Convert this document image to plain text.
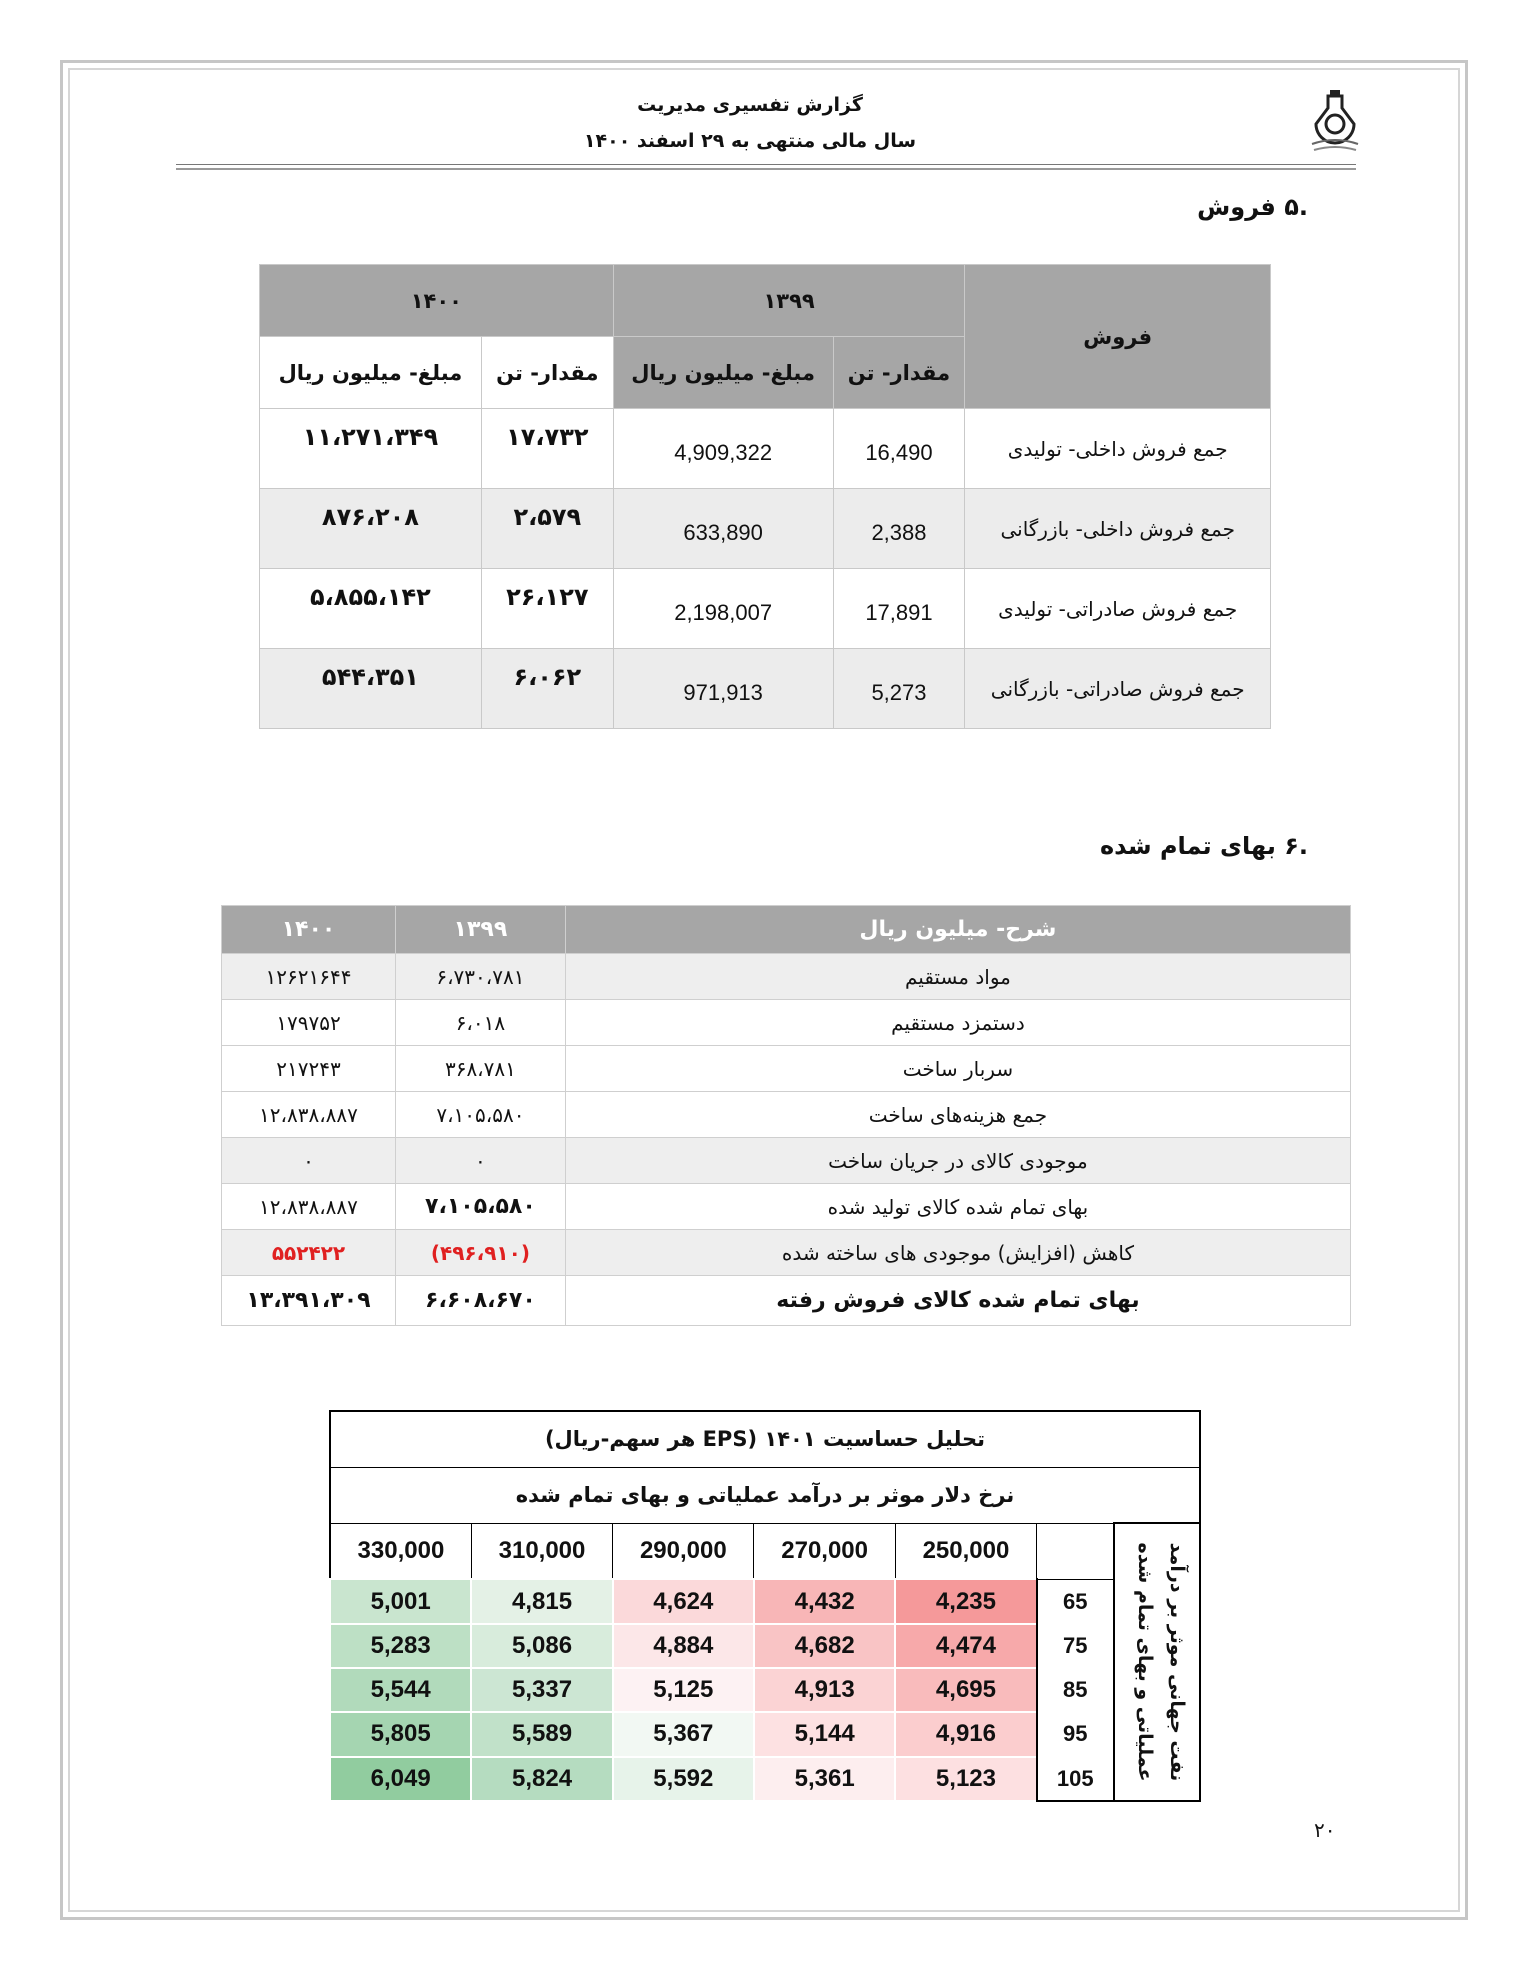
گزارش تفسیری مدیریت
سال مالی منتهی به ۲۹ اسفند ۱۴۰۰
.۵ فروش
فروش	۱۳۹۹		۱۴۰۰	
	مقدار- تن	مبلغ- میلیون ریال	مقدار- تن	مبلغ- میلیون ریال
جمع فروش داخلی- تولیدی	16,490	4,909,322	۱۷،۷۳۲	۱۱،۲۷۱،۳۴۹
جمع فروش داخلی- بازرگانی	2,388	633,890	۲،۵۷۹	۸۷۶،۲۰۸
جمع فروش صادراتی- تولیدی	17,891	2,198,007	۲۶،۱۲۷	۵،۸۵۵،۱۴۲
جمع فروش صادراتی- بازرگانی	5,273	971,913	۶،۰۶۲	۵۴۴،۳۵۱
.۶ بهای تمام شده
شرح- میلیون ریال	۱۳۹۹	۱۴۰۰
مواد مستقیم	۶،۷۳۰،۷۸۱	۱۲۶۲۱۶۴۴
دستمزد مستقیم	۶،۰۱۸	۱۷۹۷۵۲
سربار ساخت	۳۶۸،۷۸۱	۲۱۷۲۴۳
جمع هزینه‌های ساخت	۷،۱۰۵،۵۸۰	۱۲،۸۳۸،۸۸۷
موجودی کالای در جریان ساخت	۰	۰
بهای تمام شده کالای تولید شده	۷،۱۰۵،۵۸۰	۱۲،۸۳۸،۸۸۷
کاهش (افزایش) موجودی های ساخته شده	(۴۹۶،۹۱۰)	۵۵۲۴۲۲
بهای تمام شده کالای فروش رفته	۶،۶۰۸،۶۷۰	۱۳،۳۹۱،۳۰۹
تحلیل حساسیت ۱۴۰۱ (EPS هر سهم-ریال)						
نرخ دلار موثر بر درآمد عملیاتی و بهای تمام شده						

نفت جهانی موثر بر درآمد
عملیاتی و بهای تمام شده		250,000	270,000	290,000	310,000	330,000
	65	4,235	4,432	4,624	4,815	5,001
	75	4,474	4,682	4,884	5,086	5,283
	85	4,695	4,913	5,125	5,337	5,544
	95	4,916	5,144	5,367	5,589	5,805
	105	5,123	5,361	5,592	5,824	6,049
۲۰
